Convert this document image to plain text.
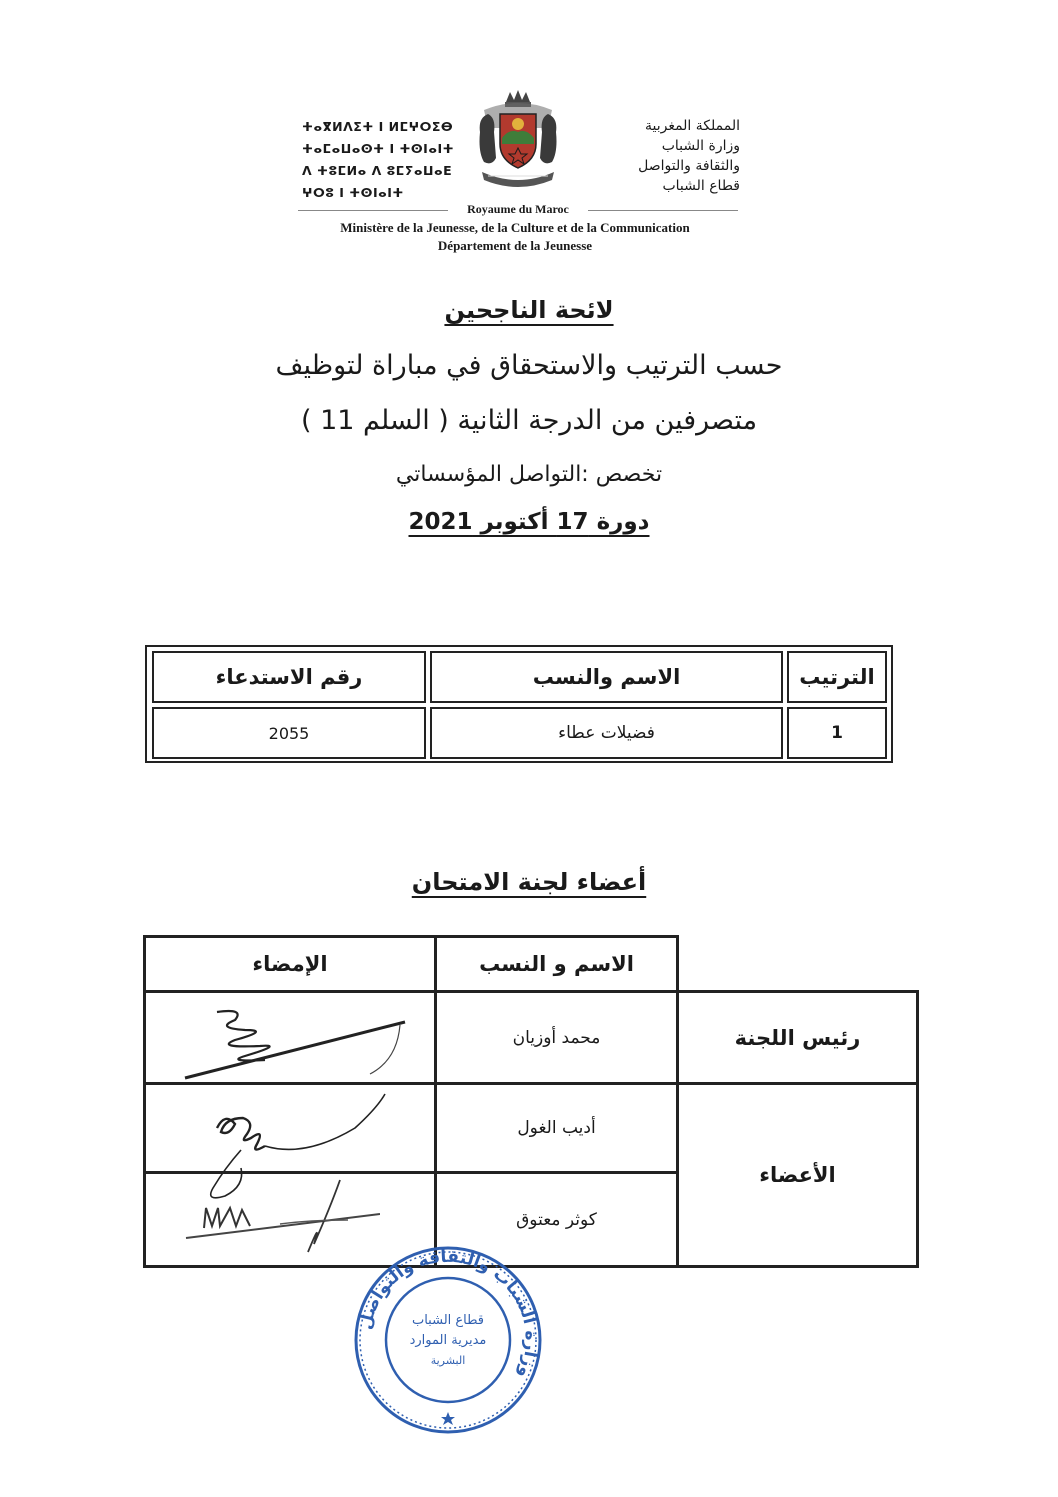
ⵜⴰⴳⵍⴷⵉⵜ ⵏ ⵍⵎⵖⵔⵉⴱ
ⵜⴰⵎⴰⵡⴰⵙⵜ ⵏ ⵜⵙⵏⴰⵏⵜ
ⴷ ⵜⵓⵎⵍⴰ ⴷ ⵓⵎⵢⴰⵡⴰⴹ
ⵖⵔⵓ ⵏ ⵜⵙⵏⴰⵏⵜ
المملكة المغربية
وزارة الشباب
والثقافة والتواصل
قطاع الشباب
Royaume du Maroc
Ministère de la Jeunesse, de la Culture et de la Communication
Département de la Jeunesse
لائحة الناجحين
حسب الترتيب والاستحقاق في مباراة لتوظيف
متصرفين من الدرجة الثانية ( السلم 11 )
تخصص :التواصل المؤسساتي
دورة 17 أكتوبر 2021
الترتيب
الاسم والنسب
رقم الاستدعاء
1
فضيلات عطاء
2055
أعضاء لجنة الامتحان
الإمضاء	الاسم و النسب
محمد أوزيان
أديب الغول
كوثر معتوق
رئيس اللجنة
الأعضاء
وزارة الشباب والثقافة والتواصل
قطاع الشباب
مديرية الموارد
البشرية
